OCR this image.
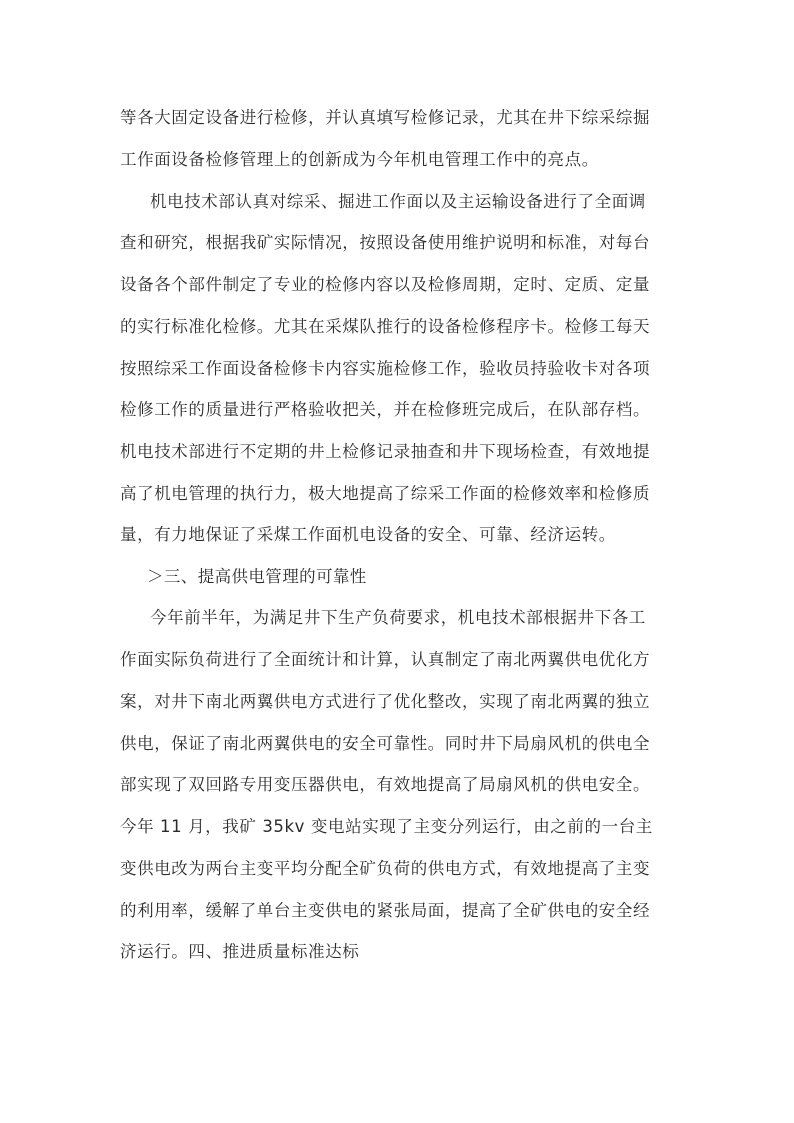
等各大固定设备进行检修，并认真填写检修记录，尤其在井下综采综掘
工作面设备检修管理上的创新成为今年机电管理工作中的亮点。
机电技术部认真对综采、掘进工作面以及主运输设备进行了全面调
查和研究，根据我矿实际情况，按照设备使用维护说明和标准，对每台
设备各个部件制定了专业的检修内容以及检修周期，定时、定质、定量
的实行标准化检修。尤其在采煤队推行的设备检修程序卡。检修工每天
按照综采工作面设备检修卡内容实施检修工作，验收员持验收卡对各项
检修工作的质量进行严格验收把关，并在检修班完成后，在队部存档。
机电技术部进行不定期的井上检修记录抽查和井下现场检查，有效地提
高了机电管理的执行力，极大地提高了综采工作面的检修效率和检修质
量，有力地保证了采煤工作面机电设备的安全、可靠、经济运转。
＞三、提高供电管理的可靠性
今年前半年，为满足井下生产负荷要求，机电技术部根据井下各工
作面实际负荷进行了全面统计和计算，认真制定了南北两翼供电优化方
案，对井下南北两翼供电方式进行了优化整改，实现了南北两翼的独立
供电，保证了南北两翼供电的安全可靠性。同时井下局扇风机的供电全
部实现了双回路专用变压器供电，有效地提高了局扇风机的供电安全。
今年 11 月，我矿 35kv 变电站实现了主变分列运行，由之前的一台主
变供电改为两台主变平均分配全矿负荷的供电方式，有效地提高了主变
的利用率，缓解了单台主变供电的紧张局面，提高了全矿供电的安全经
济运行。四、推进质量标准达标
